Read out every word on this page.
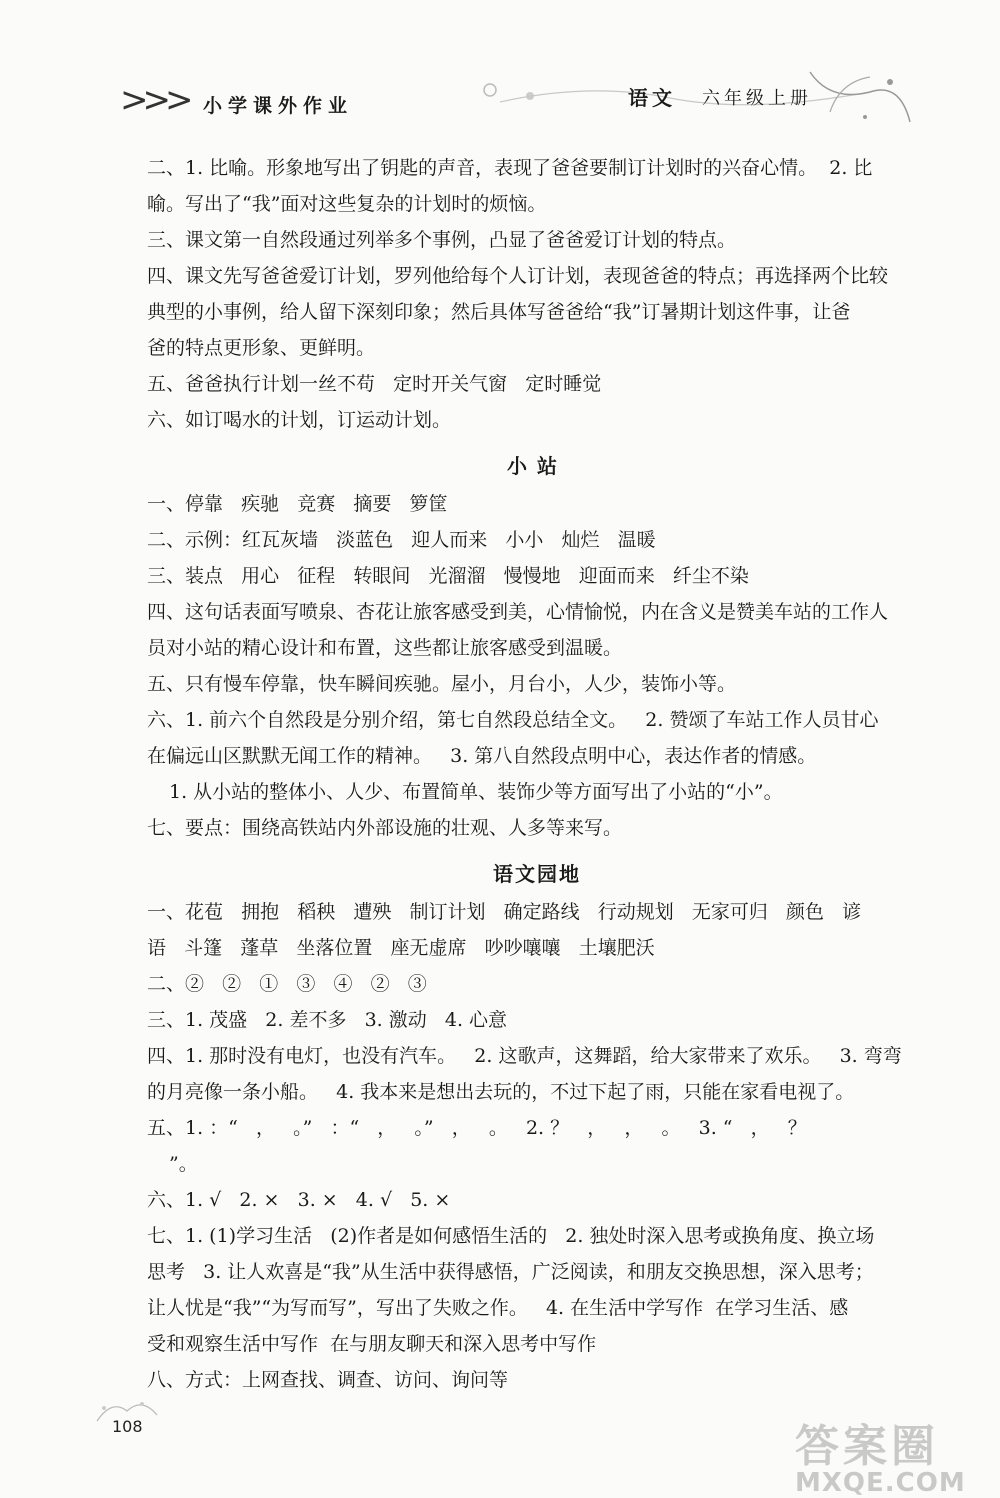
>>> 小学课外作业	语文 六年级上册
二、1. 比喻。形象地写出了钥匙的声音，表现了爸爸要制订计划时的兴奋心情。  2. 比
喻。写出了“我”面对这些复杂的计划时的烦恼。
三、课文第一自然段通过列举多个事例，凸显了爸爸爱订计划的特点。
四、课文先写爸爸爱订计划，罗列他给每个人订计划，表现爸爸的特点；再选择两个比较
典型的小事例，给人留下深刻印象；然后具体写爸爸给“我”订暑期计划这件事，让爸
爸的特点更形象、更鲜明。
五、爸爸执行计划一丝不苟   定时开关气窗   定时睡觉
六、如订喝水的计划，订运动计划。
小站
一、停靠   疾驰   竞赛   摘要   箩筐
二、示例：红瓦灰墙   淡蓝色   迎人而来   小小   灿烂   温暖
三、装点   用心   征程   转眼间   光溜溜   慢慢地   迎面而来   纤尘不染
四、这句话表面写喷泉、杏花让旅客感受到美，心情愉悦，内在含义是赞美车站的工作人
员对小站的精心设计和布置，这些都让旅客感受到温暖。
五、只有慢车停靠，快车瞬间疾驰。屋小，月台小，人少，装饰小等。
六、1. 前六个自然段是分别介绍，第七自然段总结全文。   2. 赞颂了车站工作人员甘心
在偏远山区默默无闻工作的精神。   3. 第八自然段点明中心，表达作者的情感。
1. 从小站的整体小、人少、布置简单、装饰少等方面写出了小站的“小”。
七、要点：围绕高铁站内外部设施的壮观、人多等来写。
语文园地
一、花苞   拥抱   稻秧   遭殃   制订计划   确定路线   行动规划   无家可归   颜色   谚
语   斗篷   蓬草   坐落位置   座无虚席   吵吵嚷嚷   土壤肥沃
二、②   ②   ①   ③   ④   ②   ③
三、1. 茂盛   2. 差不多   3. 激动   4. 心意
四、1. 那时没有电灯，也没有汽车。   2. 这歌声，这舞蹈，给大家带来了欢乐。   3. 弯弯
的月亮像一条小船。   4. 我本来是想出去玩的，不过下起了雨，只能在家看电视了。
五、1. ：“   ，   。”   ：“   ，   。”   ，   。   2. ？   ，   ，   。   3. “   ，   ？
”。
六、1. √   2. ×   3. ×   4. √   5. ×
七、1. (1)学习生活   (2)作者是如何感悟生活的   2. 独处时深入思考或换角度、换立场
思考   3. 让人欢喜是“我”从生活中获得感悟，广泛阅读，和朋友交换思想，深入思考；
让人忧是“我”“为写而写”，写出了失败之作。   4. 在生活中学写作  在学习生活、感
受和观察生活中写作  在与朋友聊天和深入思考中写作
八、方式：上网查找、调查、访问、询问等
108	答案圈
MXQE.COM
